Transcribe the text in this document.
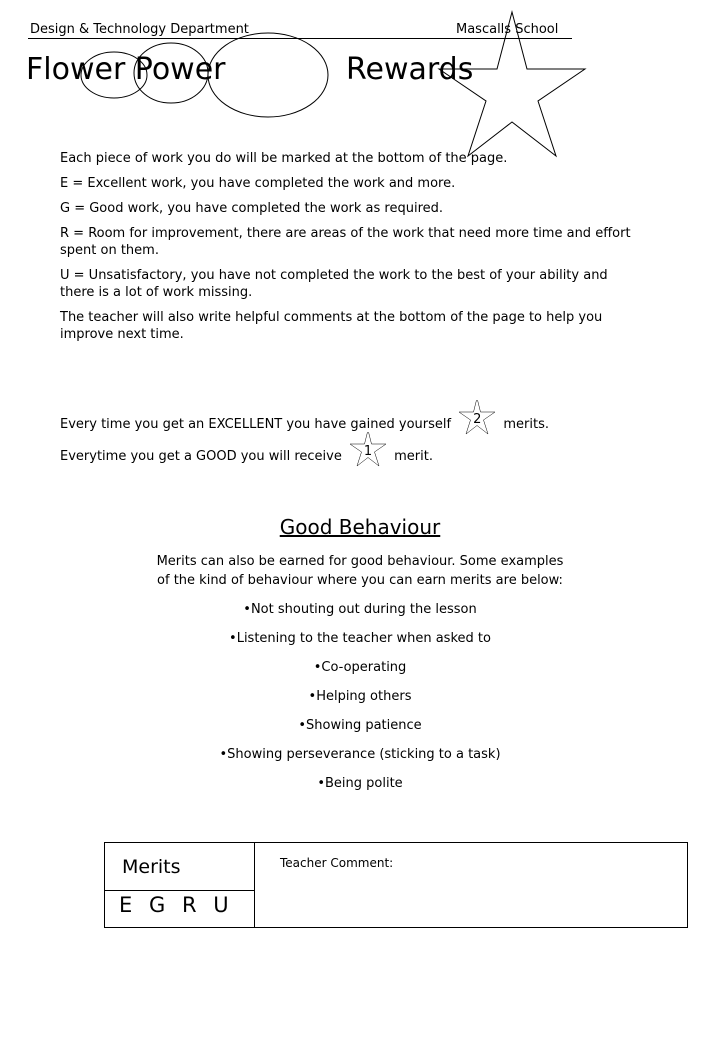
Design & Technology Department	Mascalls School
Flower Power	Rewards

Each piece of work you do will be marked at the bottom of the page.

E = Excellent work, you have completed the work and more.

G = Good work, you have completed the work as required.

R = Room for improvement, there are areas of the work that need more time and effort spent on them.

U = Unsatisfactory, you have not completed the work to the best of your ability and there is a lot of work missing.

The teacher will also write helpful comments at the bottom of the page to help you improve next time.

Every time you get an EXCELLENT you have gained yourself	2	merits.
Everytime you get a GOOD you will receive	1	merit.
Good Behaviour
Merits can also be earned for good behaviour. Some examples of the kind of behaviour where you can earn merits are below:
•Not shouting out during the lesson
•Listening to the teacher when asked to
•Co-operating
•Helping others
•Showing patience
•Showing perseverance (sticking to a task)
•Being polite
Merits
E G R U
Teacher Comment:
